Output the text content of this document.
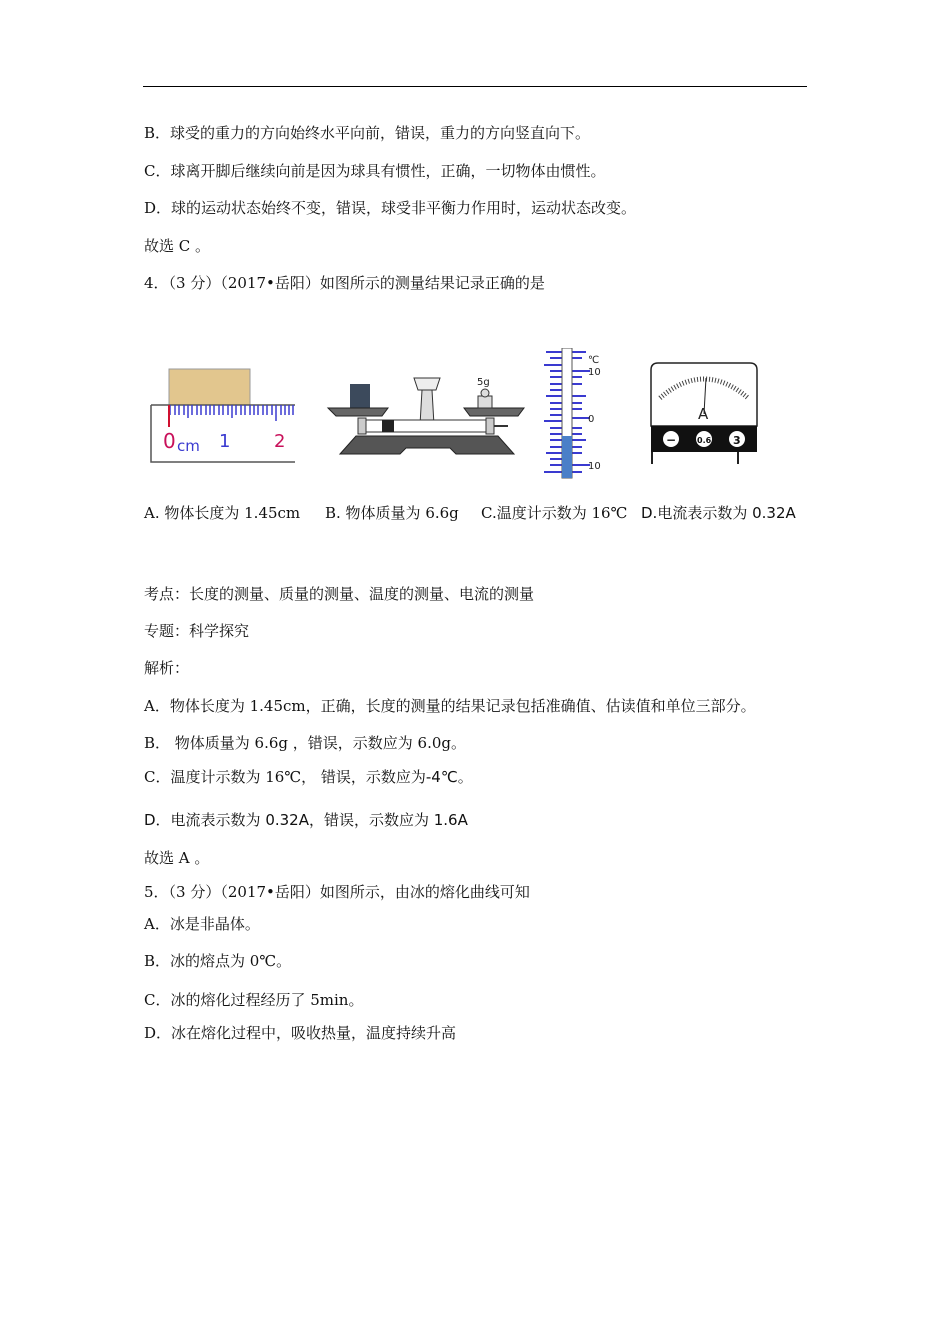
B．球受的重力的方向始终水平向前，错误，重力的方向竖直向下。
C．球离开脚后继续向前是因为球具有惯性，正确，一切物体由惯性。
D．球的运动状态始终不变，错误，球受非平衡力作用时，运动状态改变。
故选 C 。
4．（3 分）（2017•岳阳）如图所示的测量结果记录正确的是
0 cm 1 2
5g
℃
10
0
10
A
−	0.6 3
A. 物体长度为 1.45cm B. 物体质量为 6.6g C.温度计示数为 16℃ D.电流表示数为 0.32A
考点：长度的测量、质量的测量、温度的测量、电流的测量
专题：科学探究
解析：
A．物体长度为 1.45cm，正确，长度的测量的结果记录包括准确值、估读值和单位三部分。
B． 物体质量为 6.6g ，错误，示数应为 6.0g。
C．温度计示数为 16℃， 错误，示数应为-4℃。
D．电流表示数为 0.32A，错误，示数应为 1.6A
故选 A 。
5．（3 分）（2017•岳阳）如图所示，由冰的熔化曲线可知
A．冰是非晶体。
B．冰的熔点为 0℃。
C．冰的熔化过程经历了 5min。
D．冰在熔化过程中，吸收热量，温度持续升高
